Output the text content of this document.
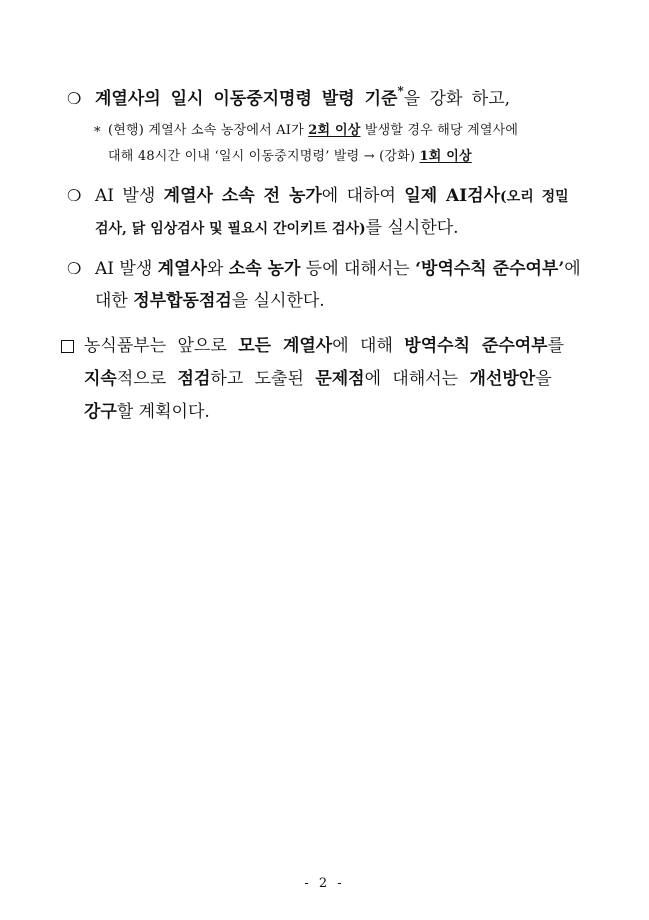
❍ 계열사의 일시 이동중지명령 발령 기준*을 강화 하고,
* (현행) 계열사 소속 농장에서 AI가 2회 이상 발생할 경우 해당 계열사에
대해 48시간 이내 ‘일시 이동중지명령’ 발령 → (강화) 1회 이상
❍ AI 발생 계열사 소속 전 농가에 대하여 일제 AI검사(오리 정밀
검사, 닭 임상검사 및 필요시 간이키트 검사)를 실시한다.
❍ AI 발생 계열사와 소속 농가 등에 대해서는 ‘방역수칙 준수여부’에
대한 정부합동점검을 실시한다.
농식품부는 앞으로 모든 계열사에 대해 방역수칙 준수여부를
지속적으로 점검하고 도출된 문제점에 대해서는 개선방안을
강구할 계획이다.
- 2 -
